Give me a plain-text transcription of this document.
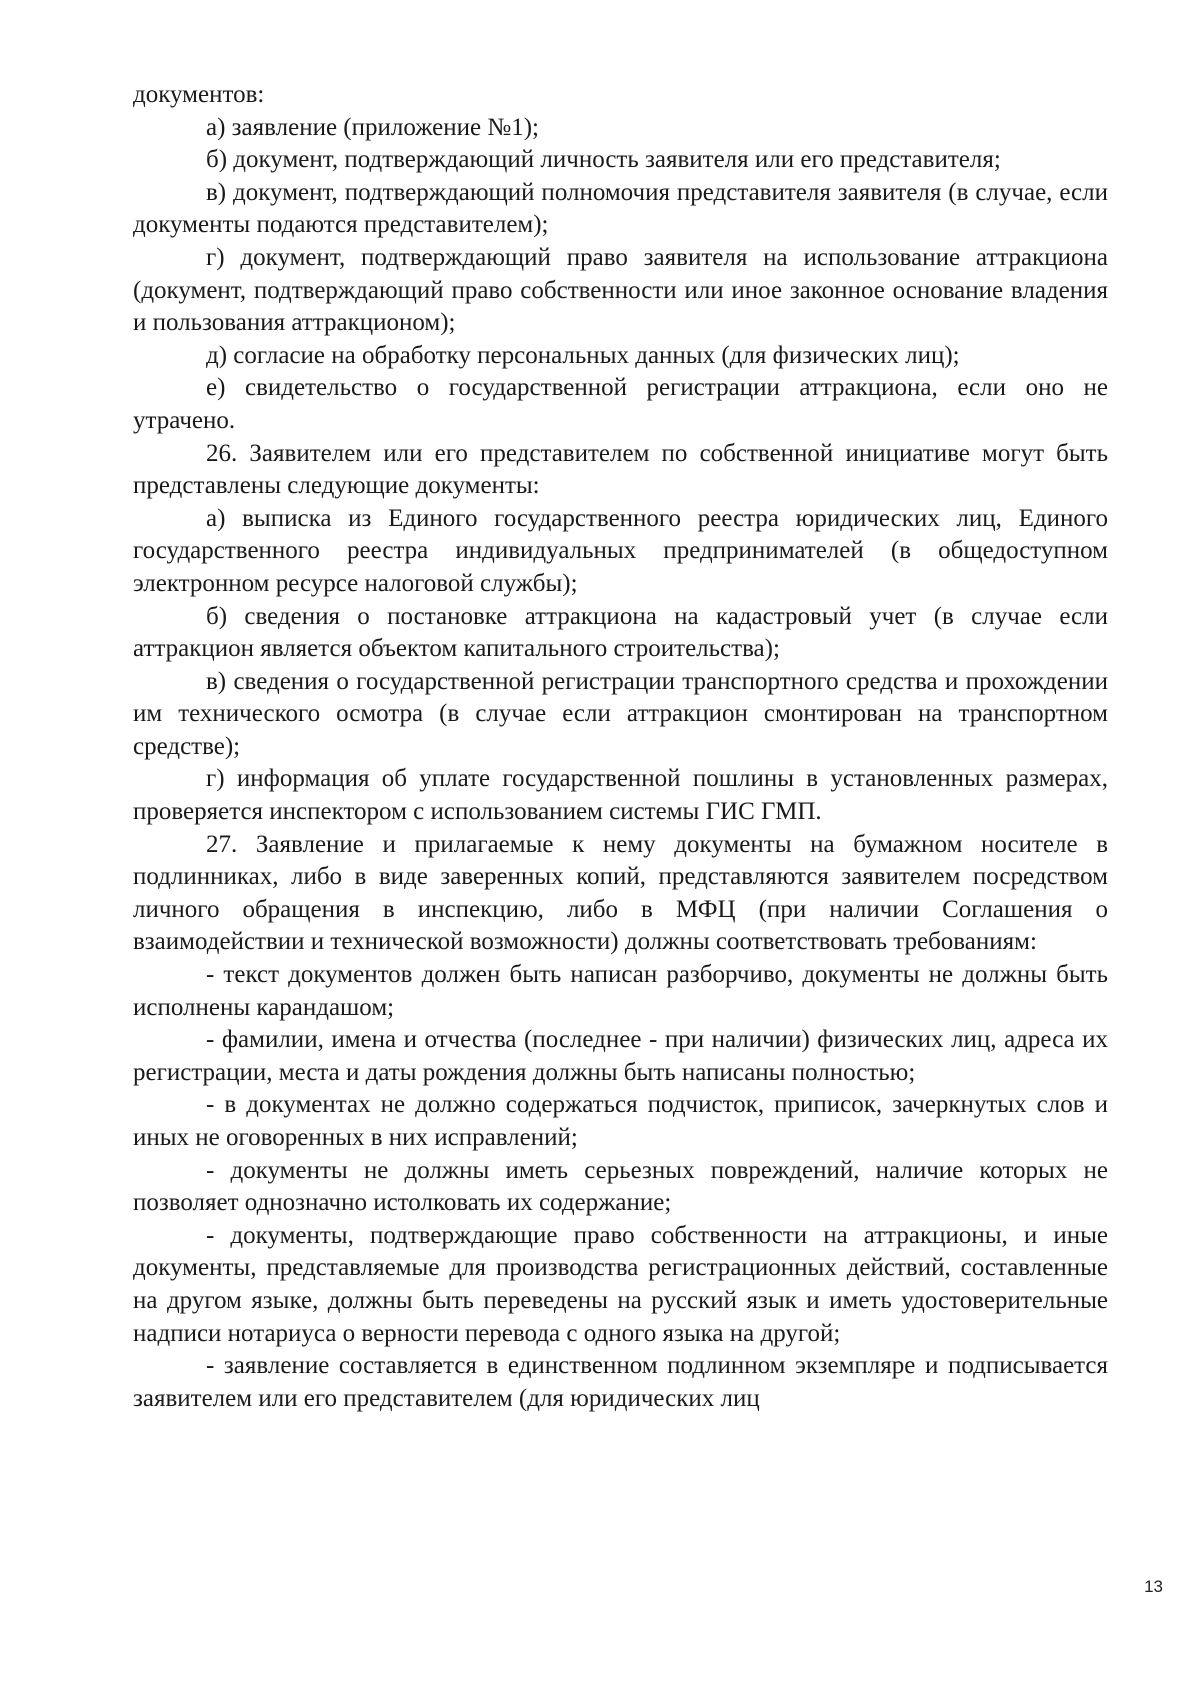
документов:

а) заявление (приложение №1);

б) документ, подтверждающий личность заявителя или его представителя;

в) документ, подтверждающий полномочия представителя заявителя (в случае, если документы подаются представителем);

г) документ, подтверждающий право заявителя на использование аттракциона (документ, подтверждающий право собственности или иное законное основание владения и пользования аттракционом);

д) согласие на обработку персональных данных (для физических лиц);

е) свидетельство о государственной регистрации аттракциона, если оно не утрачено.

26. Заявителем или его представителем по собственной инициативе могут быть представлены следующие документы:

а) выписка из Единого государственного реестра юридических лиц, Единого государственного реестра индивидуальных предпринимателей (в общедоступном электронном ресурсе налоговой службы);

б) сведения о постановке аттракциона на кадастровый учет (в случае если аттракцион является объектом капитального строительства);

в) сведения о государственной регистрации транспортного средства и прохождении им технического осмотра (в случае если аттракцион смонтирован на транспортном средстве);

г) информация об уплате государственной пошлины в установленных размерах, проверяется инспектором с использованием системы ГИС ГМП.

27. Заявление и прилагаемые к нему документы на бумажном носителе в подлинниках, либо в виде заверенных копий, представляются заявителем посредством личного обращения в инспекцию, либо в МФЦ (при наличии Соглашения о взаимодействии и технической возможности) должны соответствовать требованиям:

- текст документов должен быть написан разборчиво, документы не должны быть исполнены карандашом;

- фамилии, имена и отчества (последнее - при наличии) физических лиц, адреса их регистрации, места и даты рождения должны быть написаны полностью;

- в документах не должно содержаться подчисток, приписок, зачеркнутых слов и иных не оговоренных в них исправлений;

- документы не должны иметь серьезных повреждений, наличие которых не позволяет однозначно истолковать их содержание;

- документы, подтверждающие право собственности на аттракционы, и иные документы, представляемые для производства регистрационных действий, составленные на другом языке, должны быть переведены на русский язык и иметь удостоверительные надписи нотариуса о верности перевода с одного языка на другой;

- заявление составляется в единственном подлинном экземпляре и подписывается заявителем или его представителем (для юридических лиц

13
